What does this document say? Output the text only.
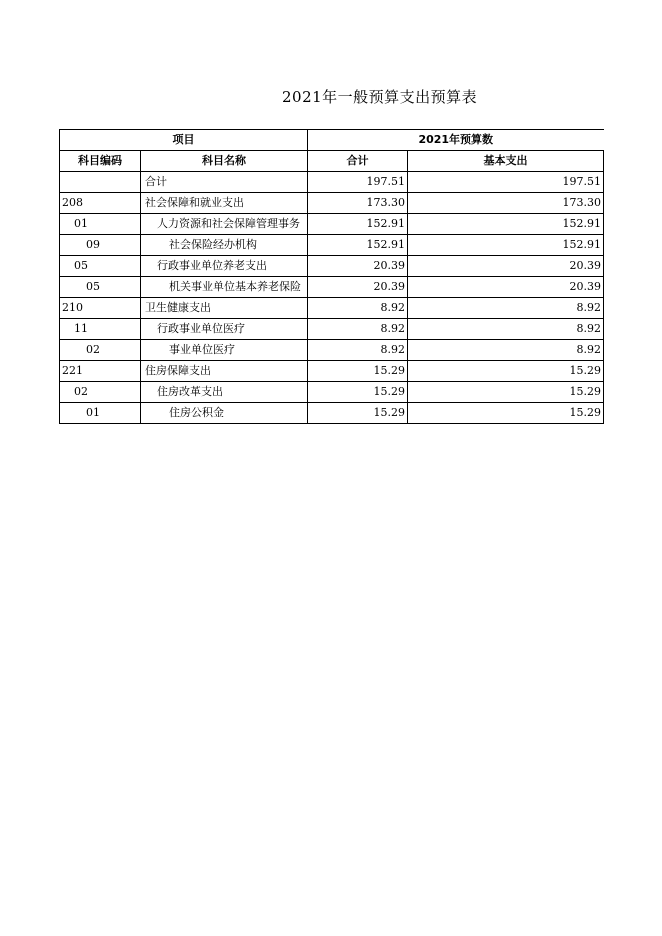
2021年一般预算支出预算表
项目		2021年预算数	
科目编码	科目名称	合计	基本支出
	合计	197.51	197.51
208	社会保障和就业支出	173.30	173.30
01	人力资源和社会保障管理事务	152.91	152.91
09	社会保险经办机构	152.91	152.91
05	行政事业单位养老支出	20.39	20.39
05	机关事业单位基本养老保险	20.39	20.39
210	卫生健康支出	8.92	8.92
11	行政事业单位医疗	8.92	8.92
02	事业单位医疗	8.92	8.92
221	住房保障支出	15.29	15.29
02	住房改革支出	15.29	15.29
01	住房公积金	15.29	15.29
